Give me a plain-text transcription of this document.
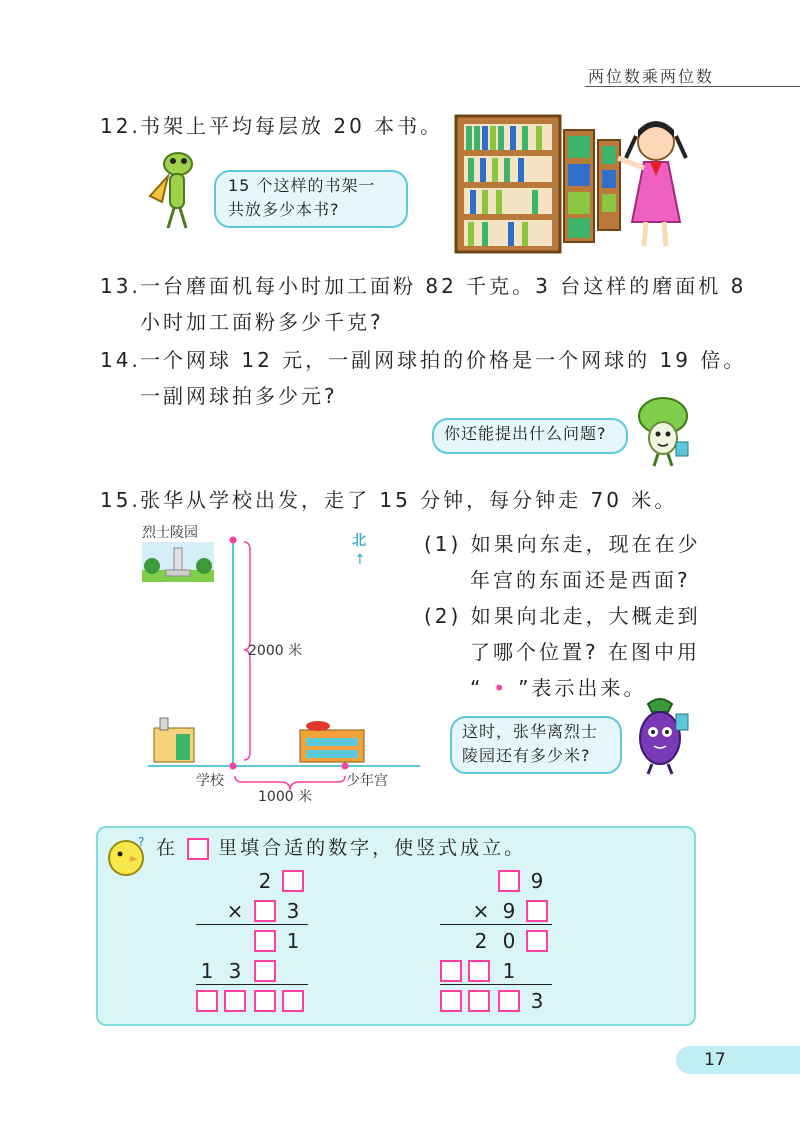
两位数乘两位数
12. 书架上平均每层放 20 本书。
15 个这样的书架一
共放多少本书?
13. 一台磨面机每小时加工面粉 82 千克。3 台这样的磨面机 8
小时加工面粉多少千克?
14. 一个网球 12 元，一副网球拍的价格是一个网球的 19 倍。
一副网球拍多少元?
你还能提出什么问题?
15. 张华从学校出发，走了 15 分钟，每分钟走 70 米。
烈士陵园	北
↑
2000 米
学校	少年宫
1000 米
(1) 如果向东走，现在在少
年宫的东面还是西面?
(2) 如果向北走，大概走到
了哪个位置? 在图中用
“ • ”表示出来。
这时，张华离烈士
陵园还有多少米?
? 在 里填合适的数字，使竖式成立。
2
× 3
1
1 3
9
× 9
2 0
1
3
17
